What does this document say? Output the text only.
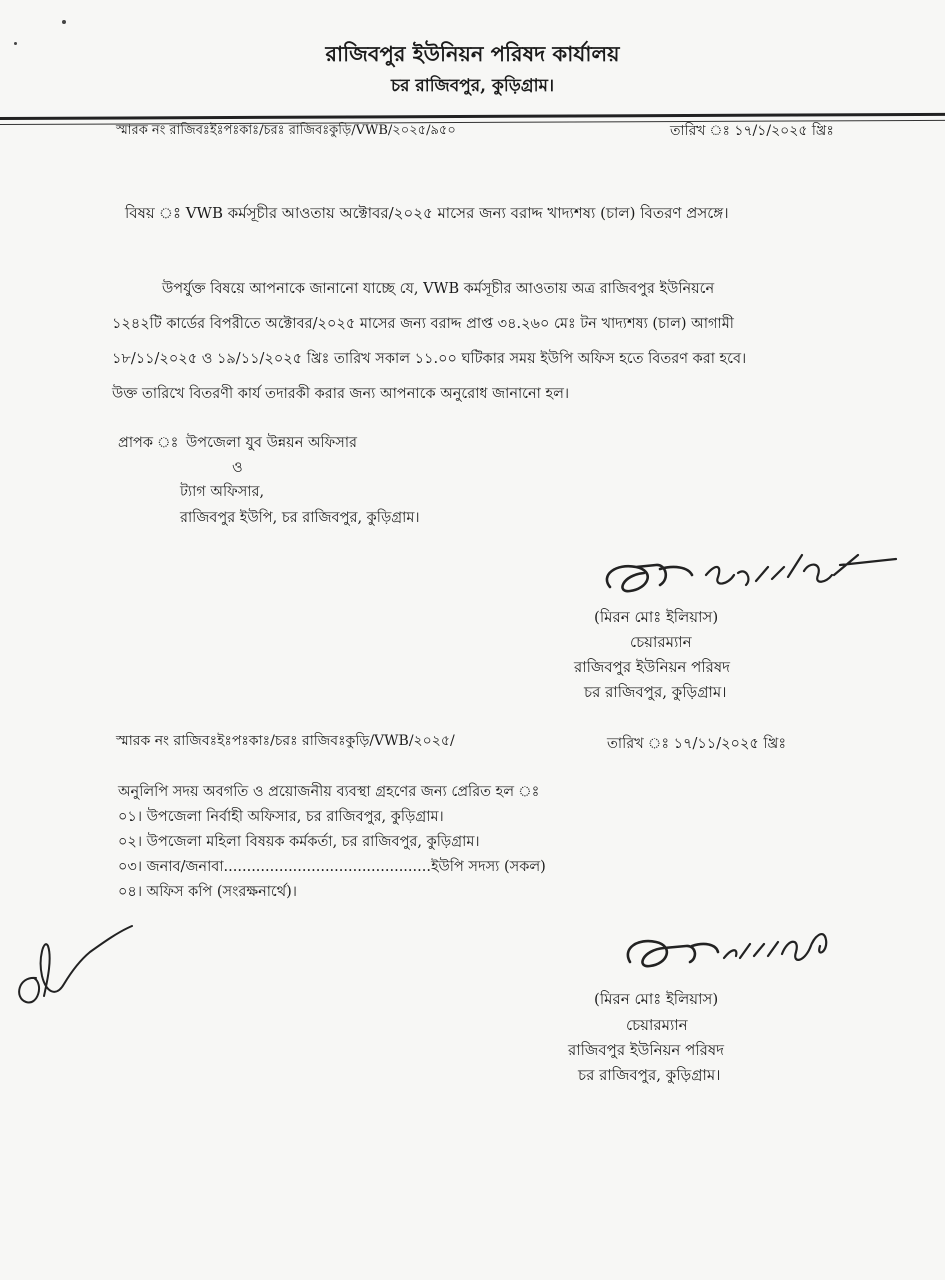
রাজিবপুর ইউনিয়ন পরিষদ কার্যালয়
চর রাজিবপুর, কুড়িগ্রাম।
স্মারক নং রাজিবঃইঃপঃকাঃ/চরঃ রাজিবঃকুড়ি/VWB/২০২৫/৯৫০	তারিখ ঃ ১৭/১/২০২৫ খ্রিঃ
বিষয় ঃ VWB কর্মসূচীর আওতায় অক্টোবর/২০২৫ মাসের জন্য বরাদ্দ খাদ্যশষ্য (চাল) বিতরণ প্রসঙ্গে।
উপর্যুক্ত বিষয়ে আপনাকে জানানো যাচ্ছে যে, VWB কর্মসূচীর আওতায় অত্র রাজিবপুর ইউনিয়নে
১২৪২টি কার্ডের বিপরীতে অক্টোবর/২০২৫ মাসের জন্য বরাদ্দ প্রাপ্ত ৩৪.২৬০ মেঃ টন খাদ্যশষ্য (চাল) আগামী
১৮/১১/২০২৫ ও ১৯/১১/২০২৫ খ্রিঃ তারিখ সকাল ১১.০০ ঘটিকার সময় ইউপি অফিস হতে বিতরণ করা হবে।
উক্ত তারিখে বিতরণী কার্য তদারকী করার জন্য আপনাকে অনুরোধ জানানো হল।
প্রাপক ঃ উপজেলা যুব উন্নয়ন অফিসার
ও
ট্যাগ অফিসার,
রাজিবপুর ইউপি, চর রাজিবপুর, কুড়িগ্রাম।
(মিরন মোঃ ইলিয়াস)
চেয়ারম্যান
রাজিবপুর ইউনিয়ন পরিষদ
চর রাজিবপুর, কুড়িগ্রাম।
স্মারক নং রাজিবঃইঃপঃকাঃ/চরঃ রাজিবঃকুড়ি/VWB/২০২৫/	তারিখ ঃ ১৭/১১/২০২৫ খ্রিঃ
অনুলিপি সদয় অবগতি ও প্রয়োজনীয় ব্যবস্থা গ্রহণের জন্য প্রেরিত হল ঃ
০১। উপজেলা নির্বাহী অফিসার, চর রাজিবপুর, কুড়িগ্রাম।
০২। উপজেলা মহিলা বিষয়ক কর্মকর্তা, চর রাজিবপুর, কুড়িগ্রাম।
০৩। জনাব/জনাবা.............................................ইউপি সদস্য (সকল)
০৪। অফিস কপি (সংরক্ষনার্থে)।
(মিরন মোঃ ইলিয়াস)
চেয়ারম্যান
রাজিবপুর ইউনিয়ন পরিষদ
চর রাজিবপুর, কুড়িগ্রাম।
